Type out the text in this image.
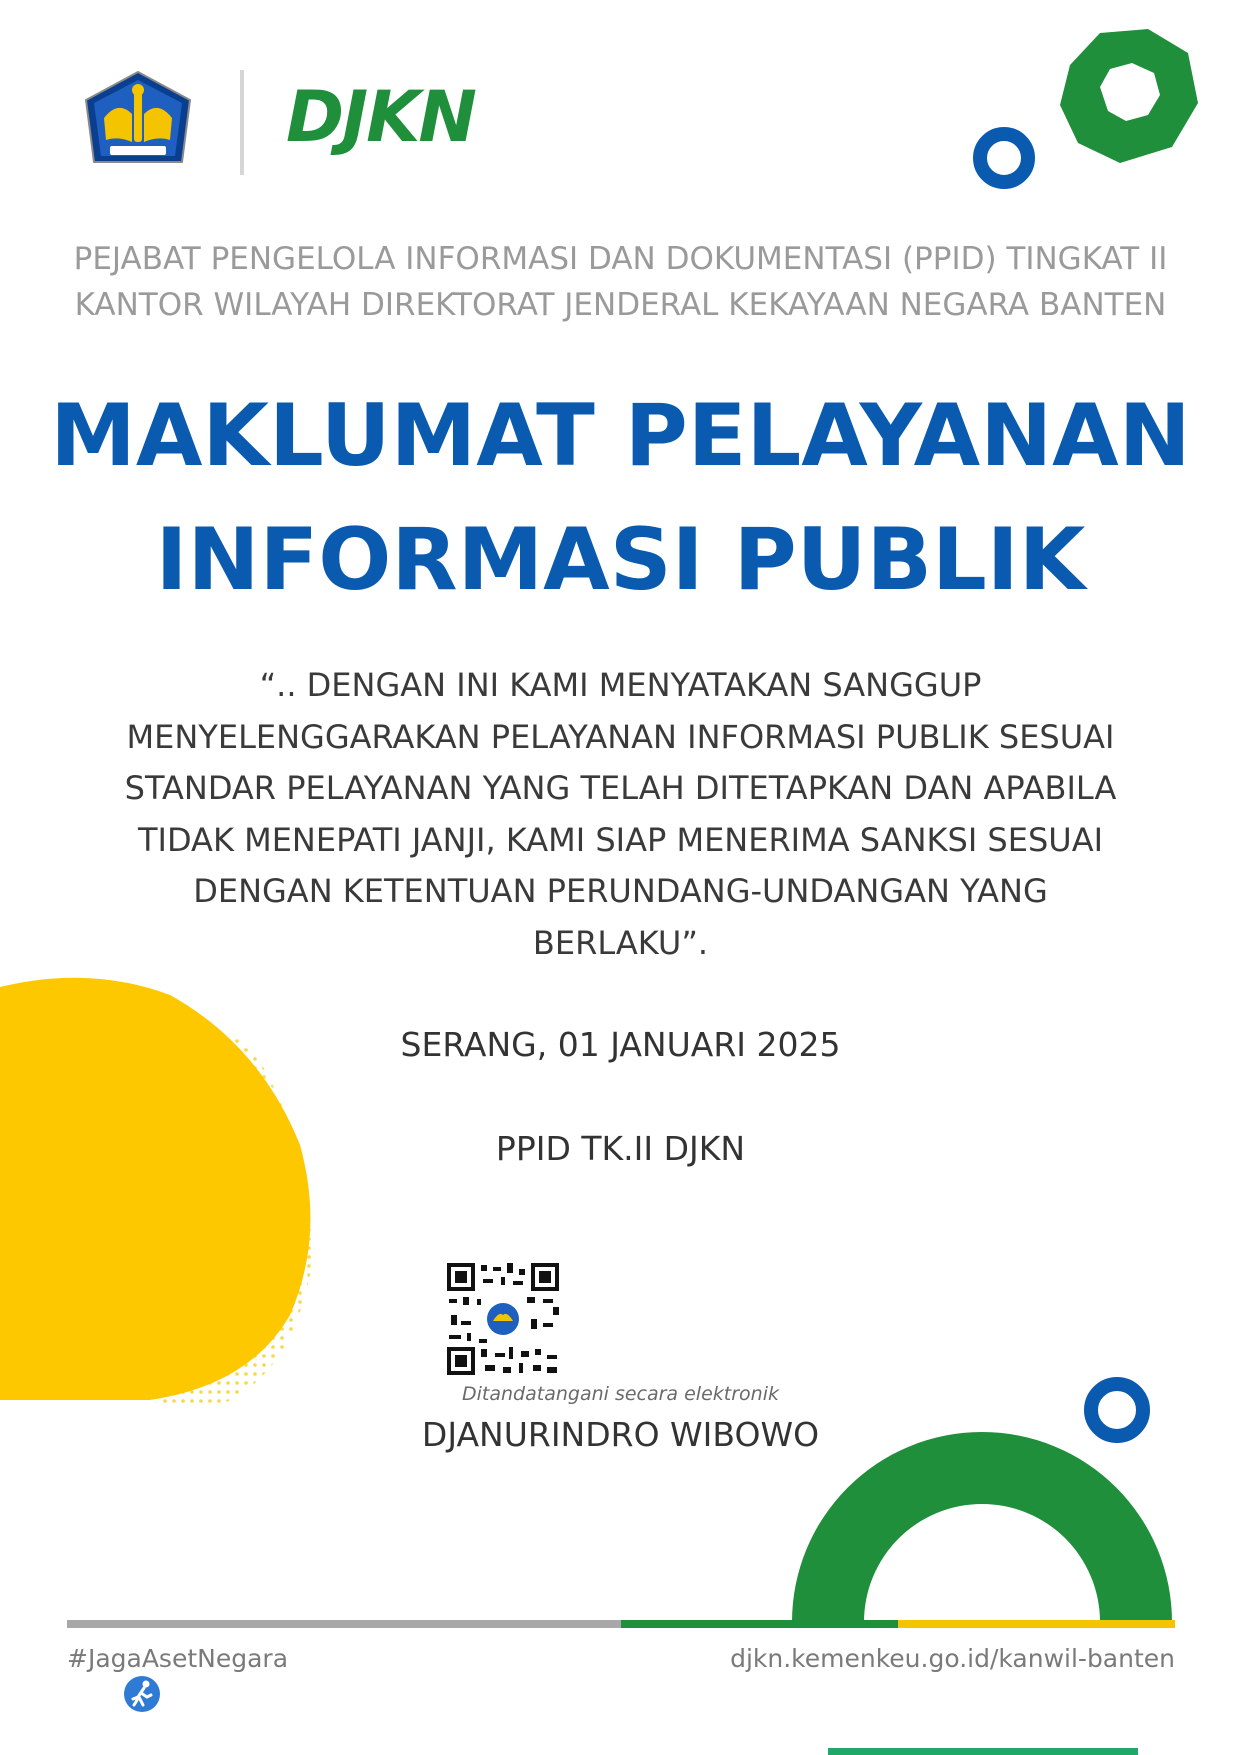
DJKN
PEJABAT PENGELOLA INFORMASI DAN DOKUMENTASI (PPID) TINGKAT II
KANTOR WILAYAH DIREKTORAT JENDERAL KEKAYAAN NEGARA BANTEN
MAKLUMAT PELAYANAN
INFORMASI PUBLIK
“.. DENGAN INI KAMI MENYATAKAN SANGGUP
MENYELENGGARAKAN PELAYANAN INFORMASI PUBLIK SESUAI
STANDAR PELAYANAN YANG TELAH DITETAPKAN DAN APABILA
TIDAK MENEPATI JANJI, KAMI SIAP MENERIMA SANKSI SESUAI
DENGAN KETENTUAN PERUNDANG-UNDANGAN YANG
BERLAKU”.
SERANG, 01 JANUARI 2025
PPID TK.II DJKN
Ditandatangani secara elektronik
DJANURINDRO WIBOWO
#JagaAsetNegara	djkn.kemenkeu.go.id/kanwil-banten
